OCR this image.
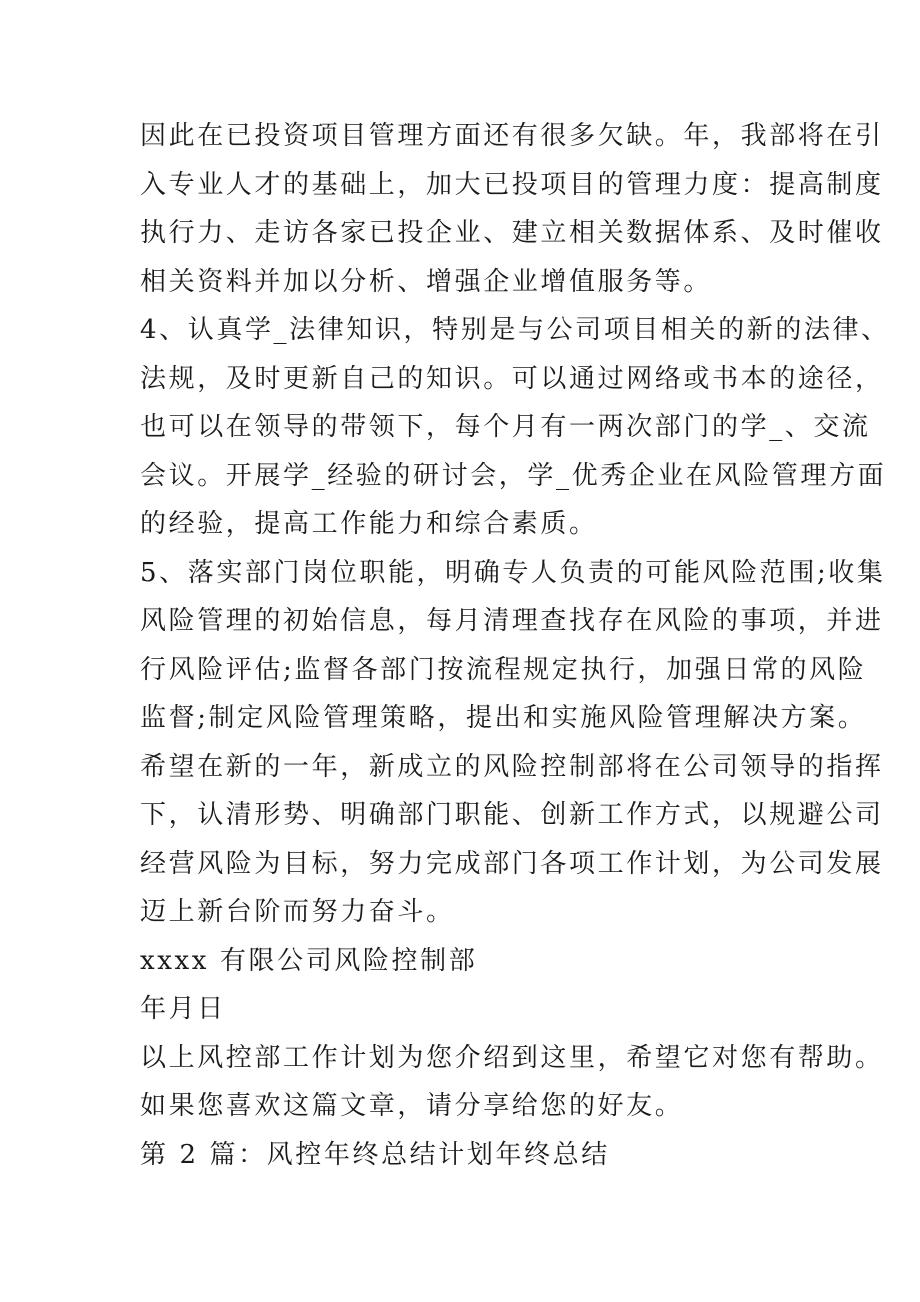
因此在已投资项目管理方面还有很多欠缺。年，我部将在引
入专业人才的基础上，加大已投项目的管理力度：提高制度
执行力、走访各家已投企业、建立相关数据体系、及时催收
相关资料并加以分析、增强企业增值服务等。
4、认真学_法律知识，特别是与公司项目相关的新的法律、
法规，及时更新自己的知识。可以通过网络或书本的途径，
也可以在领导的带领下，每个月有一两次部门的学_、交流
会议。开展学_经验的研讨会，学_优秀企业在风险管理方面
的经验，提高工作能力和综合素质。
5、落实部门岗位职能，明确专人负责的可能风险范围;收集
风险管理的初始信息，每月清理查找存在风险的事项，并进
行风险评估;监督各部门按流程规定执行，加强日常的风险
监督;制定风险管理策略，提出和实施风险管理解决方案。
希望在新的一年，新成立的风险控制部将在公司领导的指挥
下，认清形势、明确部门职能、创新工作方式，以规避公司
经营风险为目标，努力完成部门各项工作计划，为公司发展
迈上新台阶而努力奋斗。
xxxx 有限公司风险控制部
年月日
以上风控部工作计划为您介绍到这里，希望它对您有帮助。
如果您喜欢这篇文章，请分享给您的好友。
第 2 篇：风控年终总结计划年终总结
